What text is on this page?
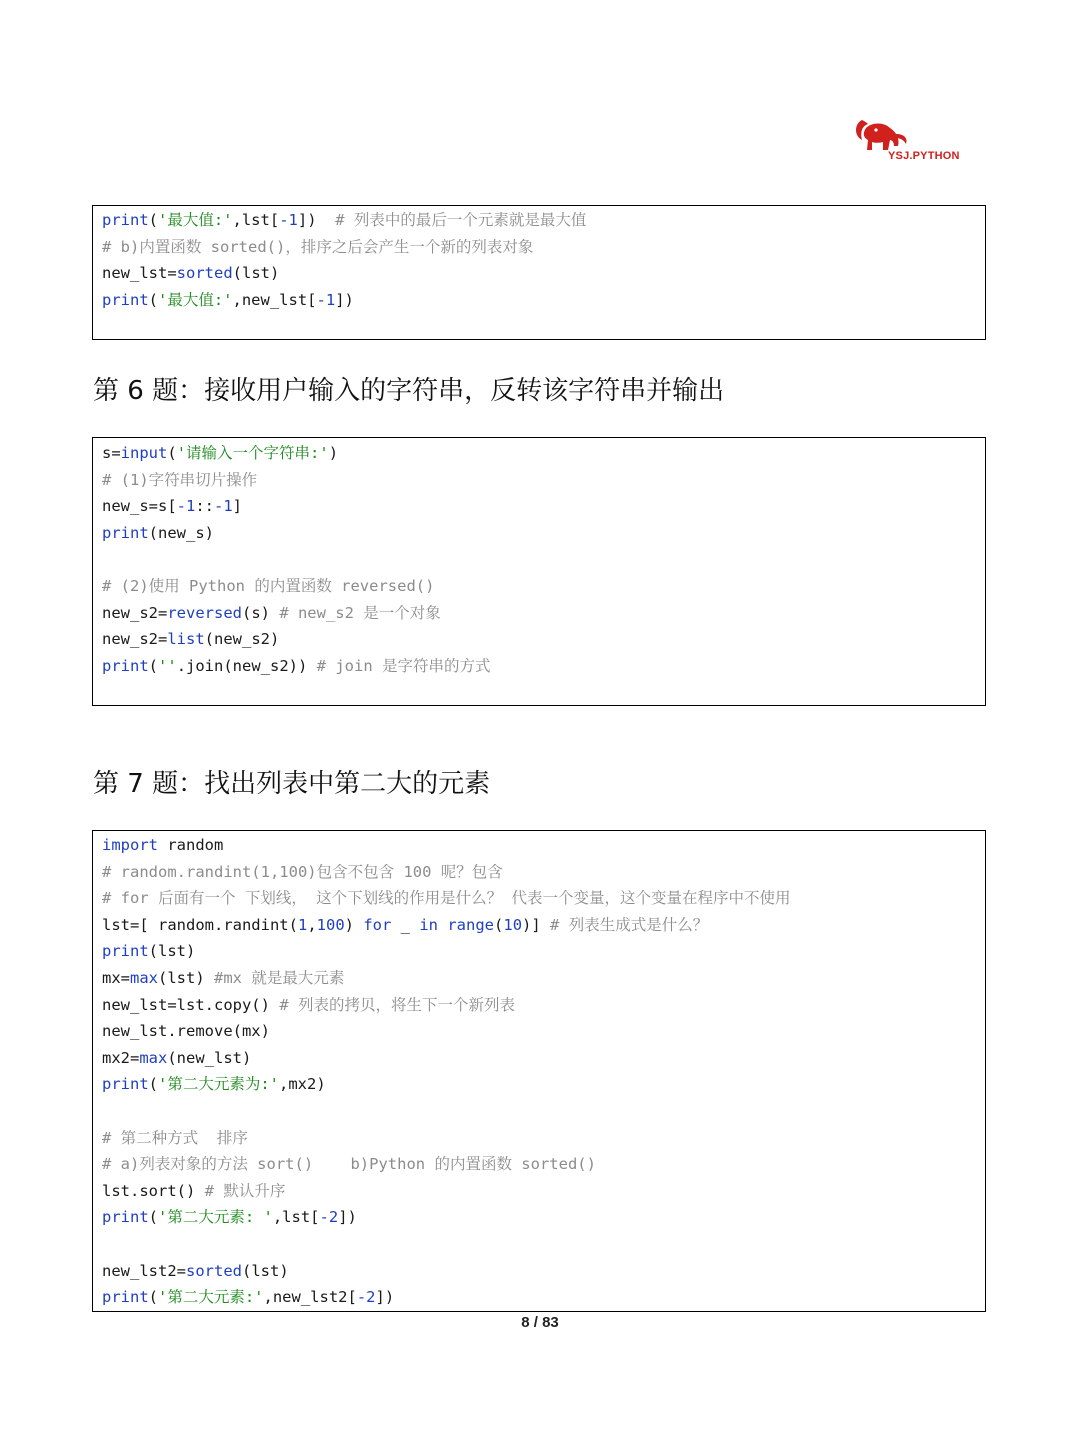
YSJ.PYTHON
print('最大值:',lst[-1])  # 列表中的最后一个元素就是最大值
# b)内置函数 sorted()，排序之后会产生一个新的列表对象
new_lst=sorted(lst)
print('最大值:',new_lst[-1])
第 6 题：接收用户输入的字符串，反转该字符串并输出
s=input('请输入一个字符串:')
# (1)字符串切片操作
new_s=s[-1::-1]
print(new_s)
# (2)使用 Python 的内置函数 reversed()
new_s2=reversed(s) # new_s2 是一个对象
new_s2=list(new_s2)
print(''.join(new_s2)) # join 是字符串的方式
第 7 题：找出列表中第二大的元素
import random
# random.randint(1,100)包含不包含 100 呢？包含
# for 后面有一个 下划线， 这个下划线的作用是什么？ 代表一个变量，这个变量在程序中不使用
lst=[ random.randint(1,100) for _ in range(10)] # 列表生成式是什么？
print(lst)
mx=max(lst) #mx 就是最大元素
new_lst=lst.copy() # 列表的拷贝，将生下一个新列表
new_lst.remove(mx)
mx2=max(new_lst)
print('第二大元素为:',mx2)
# 第二种方式  排序
# a)列表对象的方法 sort()    b)Python 的内置函数 sorted()
lst.sort() # 默认升序
print('第二大元素: ',lst[-2])
new_lst2=sorted(lst)
print('第二大元素:',new_lst2[-2])
8 / 83
